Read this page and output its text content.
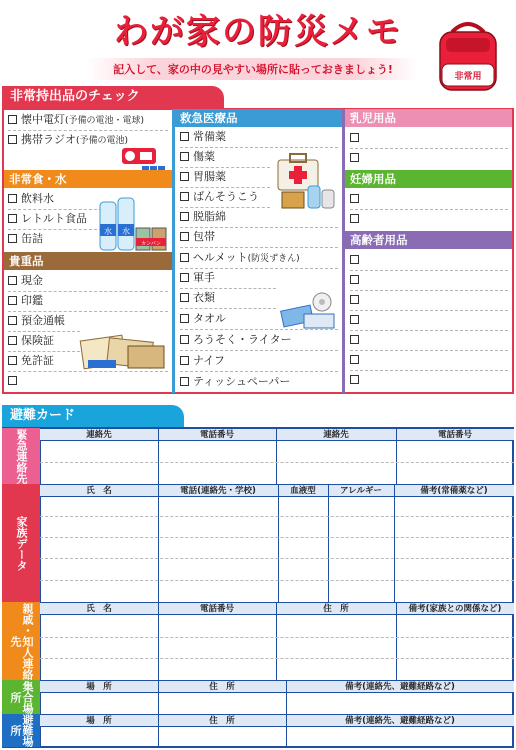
わが家の防災メモ
記入して、家の中の見やすい場所に貼っておきましょう!
非常用
非常持出品のチェック
懐中電灯(予備の電池・電球)
携帯ラジオ(予備の電池)
非常食・水
飲料水
レトルト食品
缶詰
水 水
カンパン
貴重品
現金
印鑑
預金通帳
保険証
免許証
救急医療品
常備薬
傷薬
胃腸薬
ばんそうこう
脱脂綿
包帯
ヘルメット(防災ずきん)
軍手
衣類
タオル
ろうそく・ライター
ナイフ
ティッシュペーパー
乳児用品
妊婦用品
高齢者用品
避難カード
緊急連絡先
家族データ
親戚・知人連絡先
集合場所
避難場所
連絡先	電話番号	連絡先	電話番号
氏　名	電話(連絡先・学校)	血液型	アレルギー	備考(常備薬など)
氏　名	電話番号	住　所	備考(家族との関係など)
場　所	住　所	備考(連絡先、避難経路など)
場　所	住　所	備考(連絡先、避難経路など)
